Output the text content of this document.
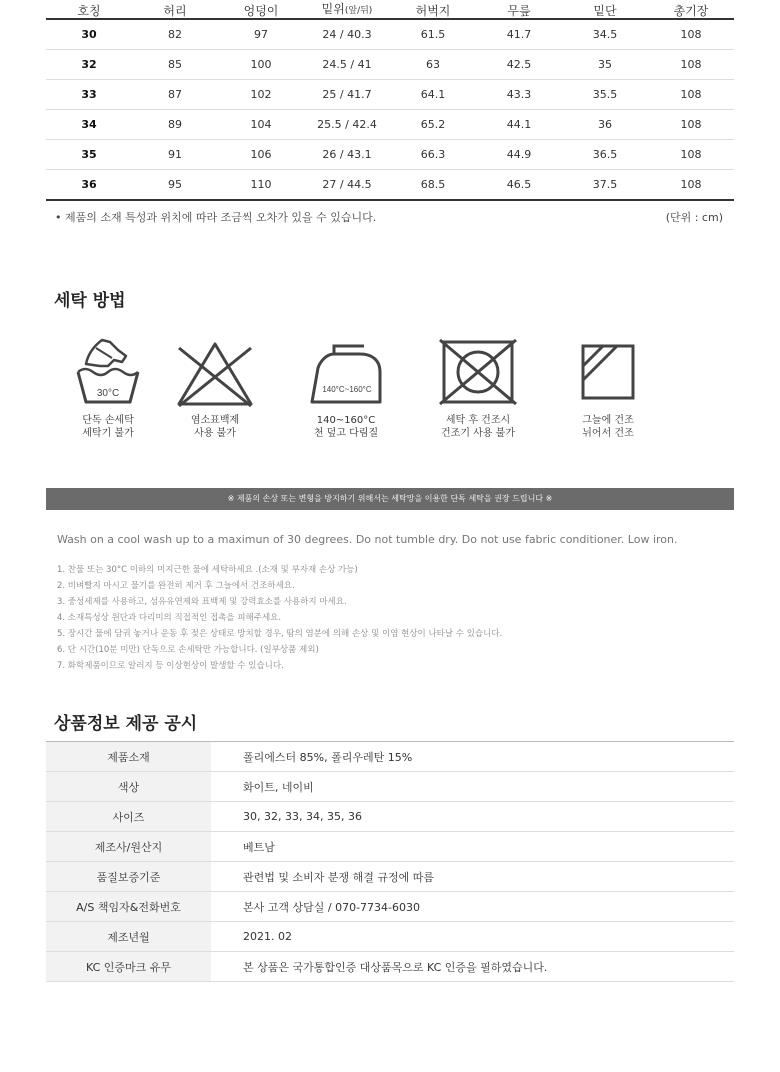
호칭	허리	엉덩이	밑위(앞/뒤)	허벅지	무릎	밑단	총기장
30	82	97	24 / 40.3	61.5	41.7	34.5	108
32	85	100	24.5 / 41	63	42.5	35	108
33	87	102	25 / 41.7	64.1	43.3	35.5	108
34	89	104	25.5 / 42.4	65.2	44.1	36	108
35	91	106	26 / 43.1	66.3	44.9	36.5	108
36	95	110	27 / 44.5	68.5	46.5	37.5	108
• 제품의 소재 특성과 위치에 따라 조금씩 오차가 있을 수 있습니다.	(단위 : cm)
세탁 방법
30°C
단독 손세탁
세탁기 불가
염소표백제
사용 불가
140°C~160°C
140~160°C
천 덮고 다림질
세탁 후 건조시
건조기 사용 불가
그늘에 건조
뉘어서 건조
※ 제품의 손상 또는 변형을 방지하기 위해서는 세탁망을 이용한 단독 세탁을 권장 드립니다 ※
Wash on a cool wash up to a maximun of 30 degrees. Do not tumble dry. Do not use fabric conditioner. Low iron.
1. 찬물 또는 30°C 이하의 미지근한 물에 세탁하세요 .(소재 및 부자재 손상 가능)
2. 비벼빨지 마시고 물기를 완전히 제거 후 그늘에서 건조하세요.
3. 중성세제를 사용하고, 섬유유연제와 표백제 및 강력효소를 사용하지 마세요.
4. 소재특성상 원단과 다리미의 직접적인 접촉을 피해주세요.
5. 장시간 물에 담궈 놓거나 운동 후 젖은 상태로 방치할 경우, 땀의 염분에 의해 손상 및 이염 현상이 나타날 수 있습니다.
6. 단 시간(10분 미만) 단독으로 손세탁만 가능합니다. (일부상품 제외)
7. 화학제품이므로 알러지 등 이상현상이 발생할 수 있습니다.
상품정보 제공 공시
제품소재	폴리에스터 85%, 폴리우레탄 15%
색상	화이트, 네이비
사이즈	30, 32, 33, 34, 35, 36
제조사/원산지	베트남
품질보증기준	관련법 및 소비자 분쟁 해결 규정에 따름
A/S 책임자&전화번호	본사 고객 상담실 / 070-7734-6030
제조년월	2021. 02
KC 인증마크 유무	본 상품은 국가통합인증 대상품목으로 KC 인증을 필하였습니다.
